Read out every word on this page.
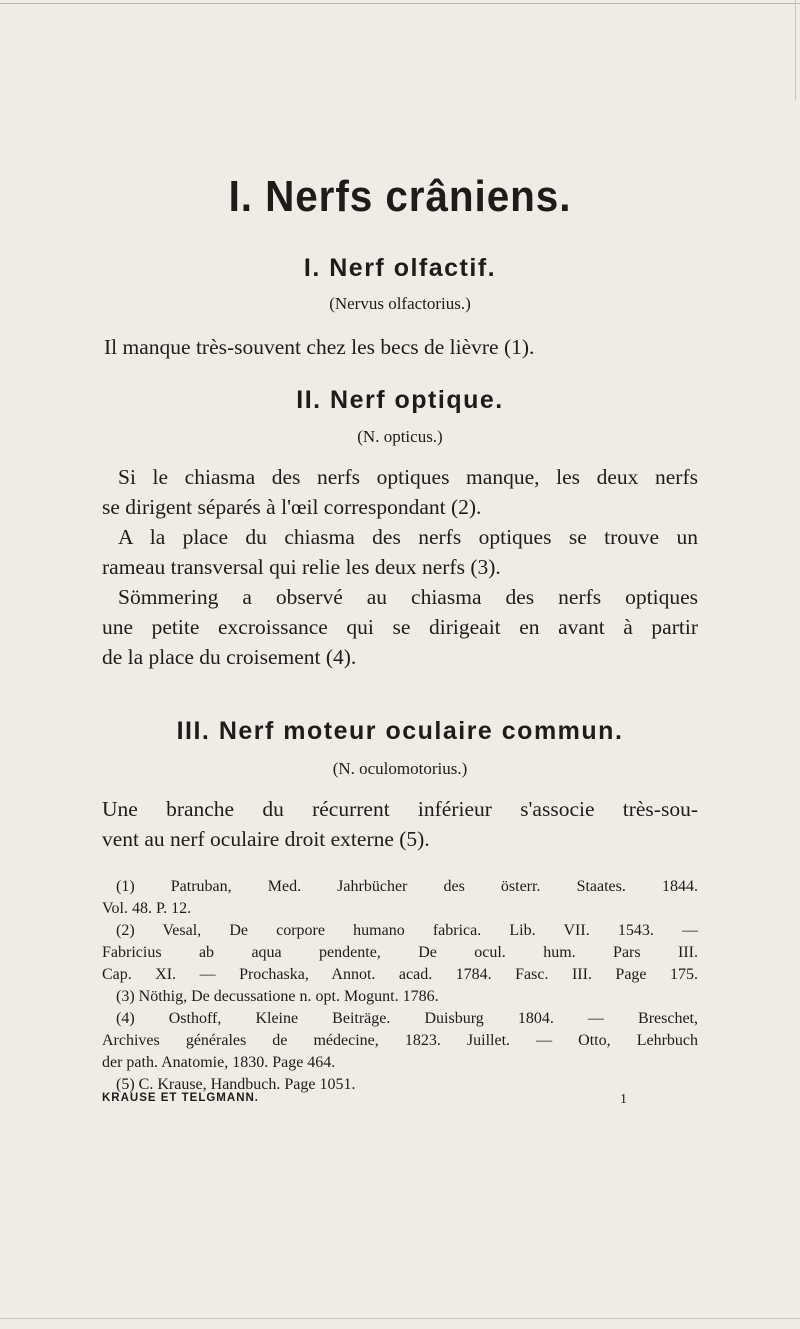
I. Nerfs crâniens.
I. Nerf olfactif.
(Nervus olfactorius.)
Il manque très-souvent chez les becs de lièvre (1).
II. Nerf optique.
(N. opticus.)
Si le chiasma des nerfs optiques manque, les deux nerfs
se dirigent séparés à l'œil correspondant (2).
A la place du chiasma des nerfs optiques se trouve un
rameau transversal qui relie les deux nerfs (3).
Sömmering a observé au chiasma des nerfs optiques
une petite excroissance qui se dirigeait en avant à partir
de la place du croisement (4).
III. Nerf moteur oculaire commun.
(N. oculomotorius.)
Une branche du récurrent inférieur s'associe très-sou-
vent au nerf oculaire droit externe (5).
(1) Patruban, Med. Jahrbücher des österr. Staates. 1844.
Vol. 48. P. 12.
(2) Vesal, De corpore humano fabrica. Lib. VII. 1543. —
Fabricius ab aqua pendente, De ocul. hum. Pars III.
Cap. XI. — Prochaska, Annot. acad. 1784. Fasc. III. Page 175.
(3) Nöthig, De decussatione n. opt. Mogunt. 1786.
(4) Osthoff, Kleine Beiträge. Duisburg 1804. — Breschet,
Archives générales de médecine, 1823. Juillet. — Otto, Lehrbuch
der path. Anatomie, 1830. Page 464.
(5) C. Krause, Handbuch. Page 1051.
KRAUSE ET TELGMANN.	1
